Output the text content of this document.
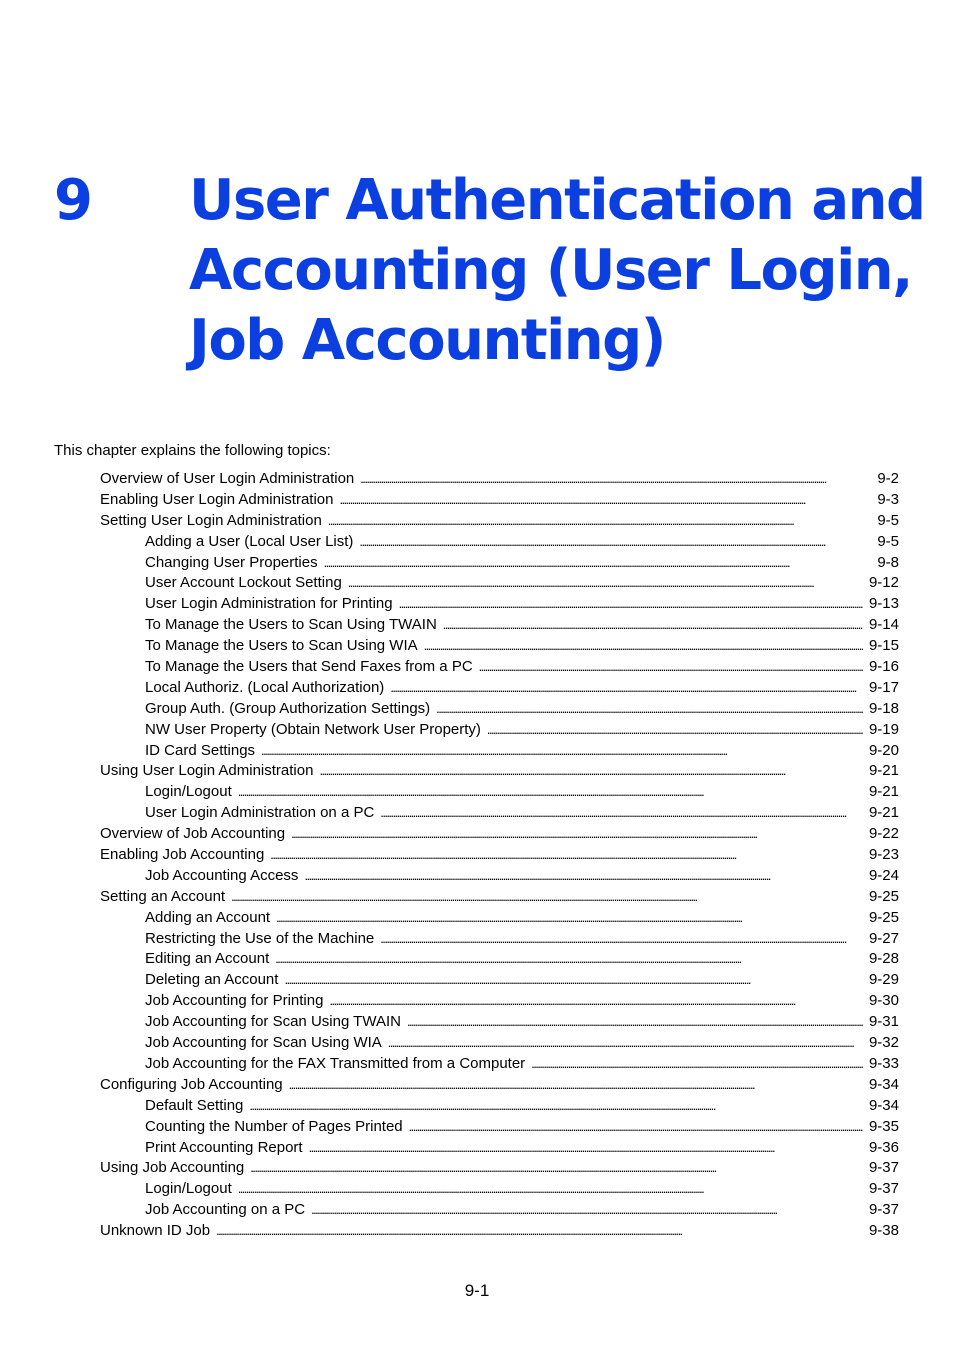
9 User Authentication and
Accounting (User Login,
Job Accounting)
This chapter explains the following topics:
Overview of User Login Administration . . .	9-2
Enabling User Login Administration . . .	9-3
Setting User Login Administration . . .	9-5
Adding a User (Local User List) . . .	9-5
Changing User Properties . . .	9-8
User Account Lockout Setting . . .	9-12
User Login Administration for Printing . . .	9-13
To Manage the Users to Scan Using TWAIN . . .	9-14
To Manage the Users to Scan Using WIA . . .	9-15
To Manage the Users that Send Faxes from a PC . . .	9-16
Local Authoriz. (Local Authorization) . . .	9-17
Group Auth. (Group Authorization Settings) . . .	9-18
NW User Property (Obtain Network User Property) . . .	9-19
ID Card Settings . . .	9-20
Using User Login Administration . . .	9-21
Login/Logout . . .	9-21
User Login Administration on a PC . . .	9-21
Overview of Job Accounting . . .	9-22
Enabling Job Accounting . . .	9-23
Job Accounting Access . . .	9-24
Setting an Account . . .	9-25
Adding an Account . . .	9-25
Restricting the Use of the Machine . . .	9-27
Editing an Account . . .	9-28
Deleting an Account . . .	9-29
Job Accounting for Printing . . .	9-30
Job Accounting for Scan Using TWAIN . . .	9-31
Job Accounting for Scan Using WIA . . .	9-32
Job Accounting for the FAX Transmitted from a Computer . . .	9-33
Configuring Job Accounting . . .	9-34
Default Setting . . .	9-34
Counting the Number of Pages Printed . . .	9-35
Print Accounting Report . . .	9-36
Using Job Accounting . . .	9-37
Login/Logout . . .	9-37
Job Accounting on a PC . . .	9-37
Unknown ID Job . . .	9-38
9-1
